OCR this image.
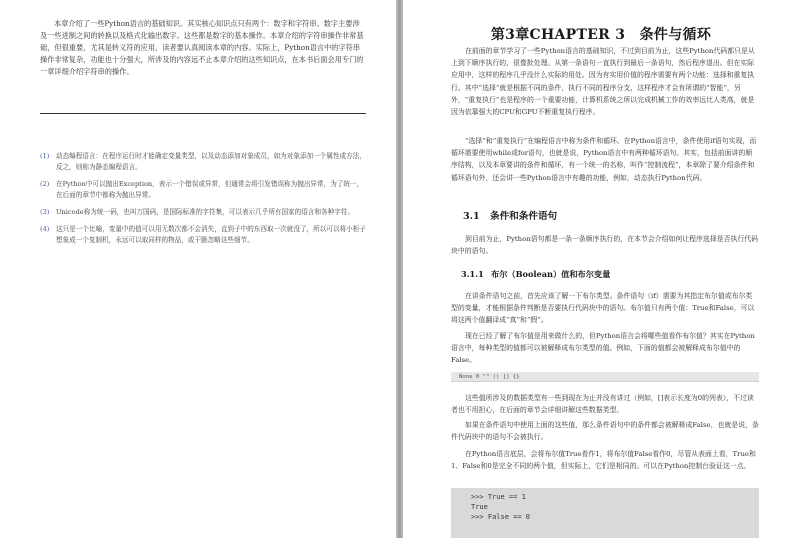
本章介绍了一些Python语言的基础知识。其实核心知识点只有两个：数字和字符串。数字主要涉及一些进制之间的转换以及格式化输出数字。这些都是数字的基本操作。本章介绍的字符串操作非常基础，但很重要，尤其是转义符的应用，读者要认真阅读本章的内容。实际上，Python语言中的字符串操作非常复杂，功能也十分强大，所涉及的内容远不止本章介绍的这些知识点，在本书后面会用专门的一章详细介绍字符串的操作。

(1) 动态编程语言：在程序运行时才能确定变量类型，以及动态添加对象成员，如为对象添加一个属性或方法，反之，则称为静态编程语言。
(2) 在Python中可以抛出Exception，表示一个错误或异常，但通常会将引发错误称为抛出异常，为了统一，在后面的章节中都称为抛出异常。
(3) Unicode称为统一码，也叫万国码，是国际标准的字符集，可以表示几乎所有国家的语言和各种字符。
(4) 这只是一个比喻，变量中的值可以用无数次都不会消失，直到子中的东西取一次就没了，所以可以将小柜子想象成一个复制机，永远可以取同样的物品，或干脆忽略这些细节。
第3章CHAPTER 3　条件与循环

在前面的章节学习了一些Python语言的基础知识，不过到目前为止，这些Python代码都只是从上到下顺序执行的，很像批处理。从第一条语句一直执行到最后一条语句，然后程序退出。但在实际应用中，这样的程序几乎没什么实际的用处。因为有实用价值的程序需要有两个功能：选择和重复执行。其中“选择”就是根据不同的条件，执行不同的程序分支，这样程序才会有所谓的“智能”，另外，“重复执行”也是程序的一个重要功能，计算机系统之所以完成机械工作的效率远比人类高，就是因为依靠强大的CPU和GPU不断重复执行程序。

“选择”和“重复执行”在编程语言中称为条件和循环。在Python语言中，条件使用if语句实现，而循环需要使用while或for语句，也就是说，Python语言中有两种循环语句。其实，包括前面讲的顺序结构，以及本章要讲的条件和循环，有一个统一的名称，叫作“控制流程”，本章除了要介绍条件和循环语句外，还会讲一些Python语言中有趣的功能，例如，动态执行Python代码。

3.1 条件和条件语句

到目前为止，Python语句都是一条一条顺序执行的，在本节会介绍如何让程序选择是否执行代码块中的语句。

3.1.1 布尔（Boolean）值和布尔变量

在讲条件语句之前，首先应该了解一下布尔类型。条件语句（if）需要为其指定布尔值或布尔类型的变量，才能根据条件判断是否要执行代码块中的语句。布尔值只有两个值：True和False，可以将这两个值翻译成“真”和“假”。

现在已经了解了布尔值是用来做什么的，但Python语言会将哪些值看作布尔值？其实在Python语言中，每种类型的值都可以被解释成布尔类型的值。例如，下面的值都会被解释成布尔值中的False。

None 0 "" () [] {}

这些值所涉及的数据类型有一些到现在为止并没有讲过（例如，[]表示长度为0的列表），不过读者也不用担心，在后面的章节会详细讲解这些数据类型。

如果在条件语句中使用上面的这些值，那么条件语句中的条件都会被解释成False，也就是说，条件代码块中的语句不会被执行。

在Python语言底层，会将布尔值True看作1，将布尔值False看作0，尽管从表面上看，True和1、False和0是完全不同的两个值，但实际上，它们是相同的。可以在Python控制台验证这一点。

>>> True == 1
True
>>> False == 0
